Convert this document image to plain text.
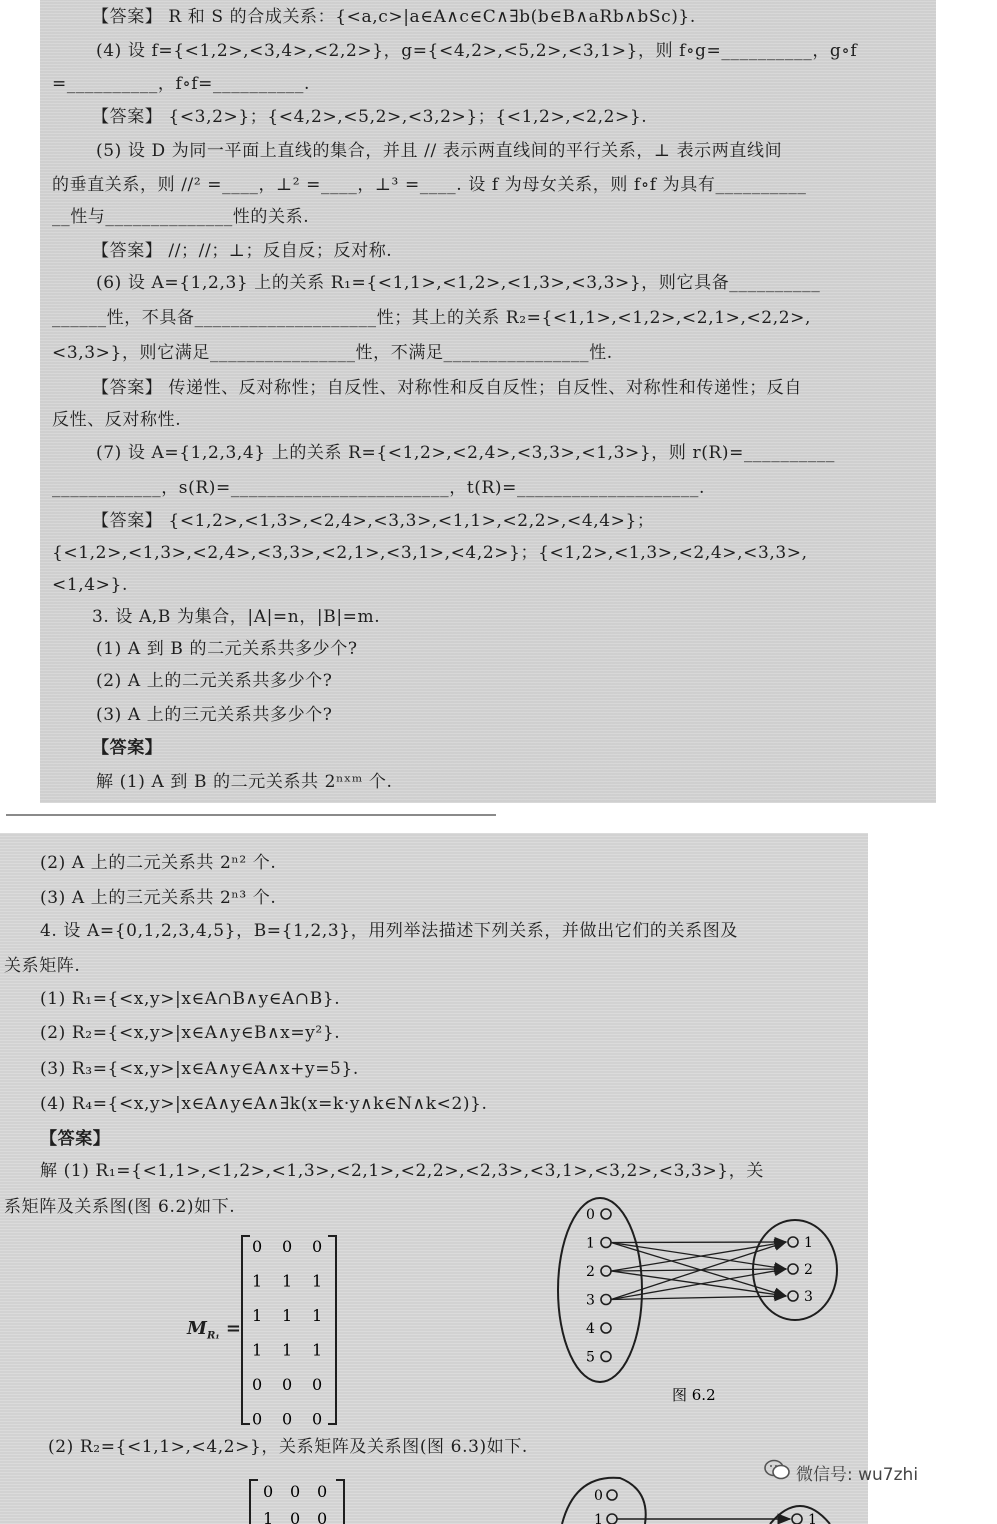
【答案】 R 和 S 的合成关系：{<a,c>|a∈A∧c∈C∧∃b(b∈B∧aRb∧bSc)}.
(4) 设 f={<1,2>,<3,4>,<2,2>}，g={<4,2>,<5,2>,<3,1>}，则 f∘g=__________，g∘f
=__________，f∘f=__________.
【答案】 {<3,2>}；{<4,2>,<5,2>,<3,2>}；{<1,2>,<2,2>}.
(5) 设 D 为同一平面上直线的集合，并且 // 表示两直线间的平行关系，⊥ 表示两直线间
的垂直关系，则 //² =____，⊥² =____，⊥³ =____. 设 f 为母女关系，则 f∘f 为具有__________
__性与______________性的关系.
【答案】 //；//；⊥；反自反；反对称.
(6) 设 A={1,2,3} 上的关系 R₁={<1,1>,<1,2>,<1,3>,<3,3>}，则它具备__________
______性，不具备____________________性；其上的关系 R₂={<1,1>,<1,2>,<2,1>,<2,2>,
<3,3>}，则它满足________________性，不满足________________性.
【答案】 传递性、反对称性；自反性、对称性和反自反性；自反性、对称性和传递性；反自
反性、反对称性.
(7) 设 A={1,2,3,4} 上的关系 R={<1,2>,<2,4>,<3,3>,<1,3>}，则 r(R)=__________
____________，s(R)=________________________，t(R)=____________________.
【答案】 {<1,2>,<1,3>,<2,4>,<3,3>,<1,1>,<2,2>,<4,4>}；
{<1,2>,<1,3>,<2,4>,<3,3>,<2,1>,<3,1>,<4,2>}；{<1,2>,<1,3>,<2,4>,<3,3>,
<1,4>}.
3. 设 A,B 为集合，|A|=n，|B|=m.
(1) A 到 B 的二元关系共多少个?
(2) A 上的二元关系共多少个?
(3) A 上的三元关系共多少个?
【答案】
解 (1) A 到 B 的二元关系共 2ⁿˣᵐ 个.
(2) A 上的二元关系共 2ⁿ² 个.
(3) A 上的三元关系共 2ⁿ³ 个.
4. 设 A={0,1,2,3,4,5}，B={1,2,3}，用列举法描述下列关系，并做出它们的关系图及
关系矩阵.
(1) R₁={<x,y>|x∈A∩B∧y∈A∩B}.
(2) R₂={<x,y>|x∈A∧y∈B∧x=y²}.
(3) R₃={<x,y>|x∈A∧y∈A∧x+y=5}.
(4) R₄={<x,y>|x∈A∧y∈A∧∃k(x=k·y∧k∈N∧k<2)}.
【答案】
解 (1) R₁={<1,1>,<1,2>,<1,3>,<2,1>,<2,2>,<2,3>,<3,1>,<3,2>,<3,3>}，关
系矩阵及关系图(图 6.2)如下.
(2) R₂={<1,1>,<4,2>}，关系矩阵及关系图(图 6.3)如下.
$M_{R_1}$ =
0 0 0
1 1 1
1 1 1
1 1 1
0 0 0
0 0 0
0
1
2
3
4
5
1
2
3
0 0 0
1 0 0
0
1	1
图 6.2
微信号: wu7zhi
